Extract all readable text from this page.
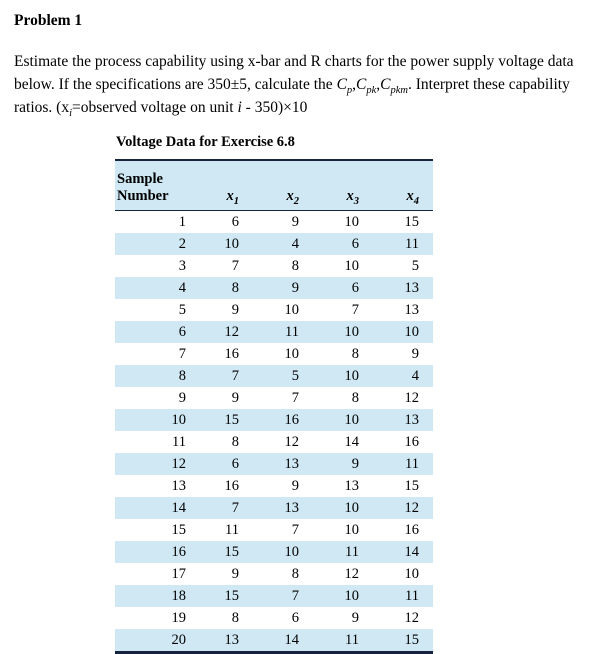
Problem 1

Estimate the process capability using x-bar and R charts for the power supply voltage data below. If the specifications are 350±5, calculate the $C_p,C_{pk},C_{pkm}$. Interpret these capability ratios. ($x_i=observed$ voltage on unit i - 350)×10

Voltage Data for Exercise 6.8
Sample Number	$x_1$	$x_2$	$x_3$	$x_4$
1	6	9	10	15
2	10	4	6	11
3	7	8	10	5
4	8	9	6	13
5	9	10	7	13
6	12	11	10	10
7	16	10	8	9
8	7	5	10	4
9	9	7	8	12
10	15	16	10	13
11	8	12	14	16
12	6	13	9	11
13	16	9	13	15
14	7	13	10	12
15	11	7	10	16
16	15	10	11	14
17	9	8	12	10
18	15	7	10	11
19	8	6	9	12
20	13	14	11	15
